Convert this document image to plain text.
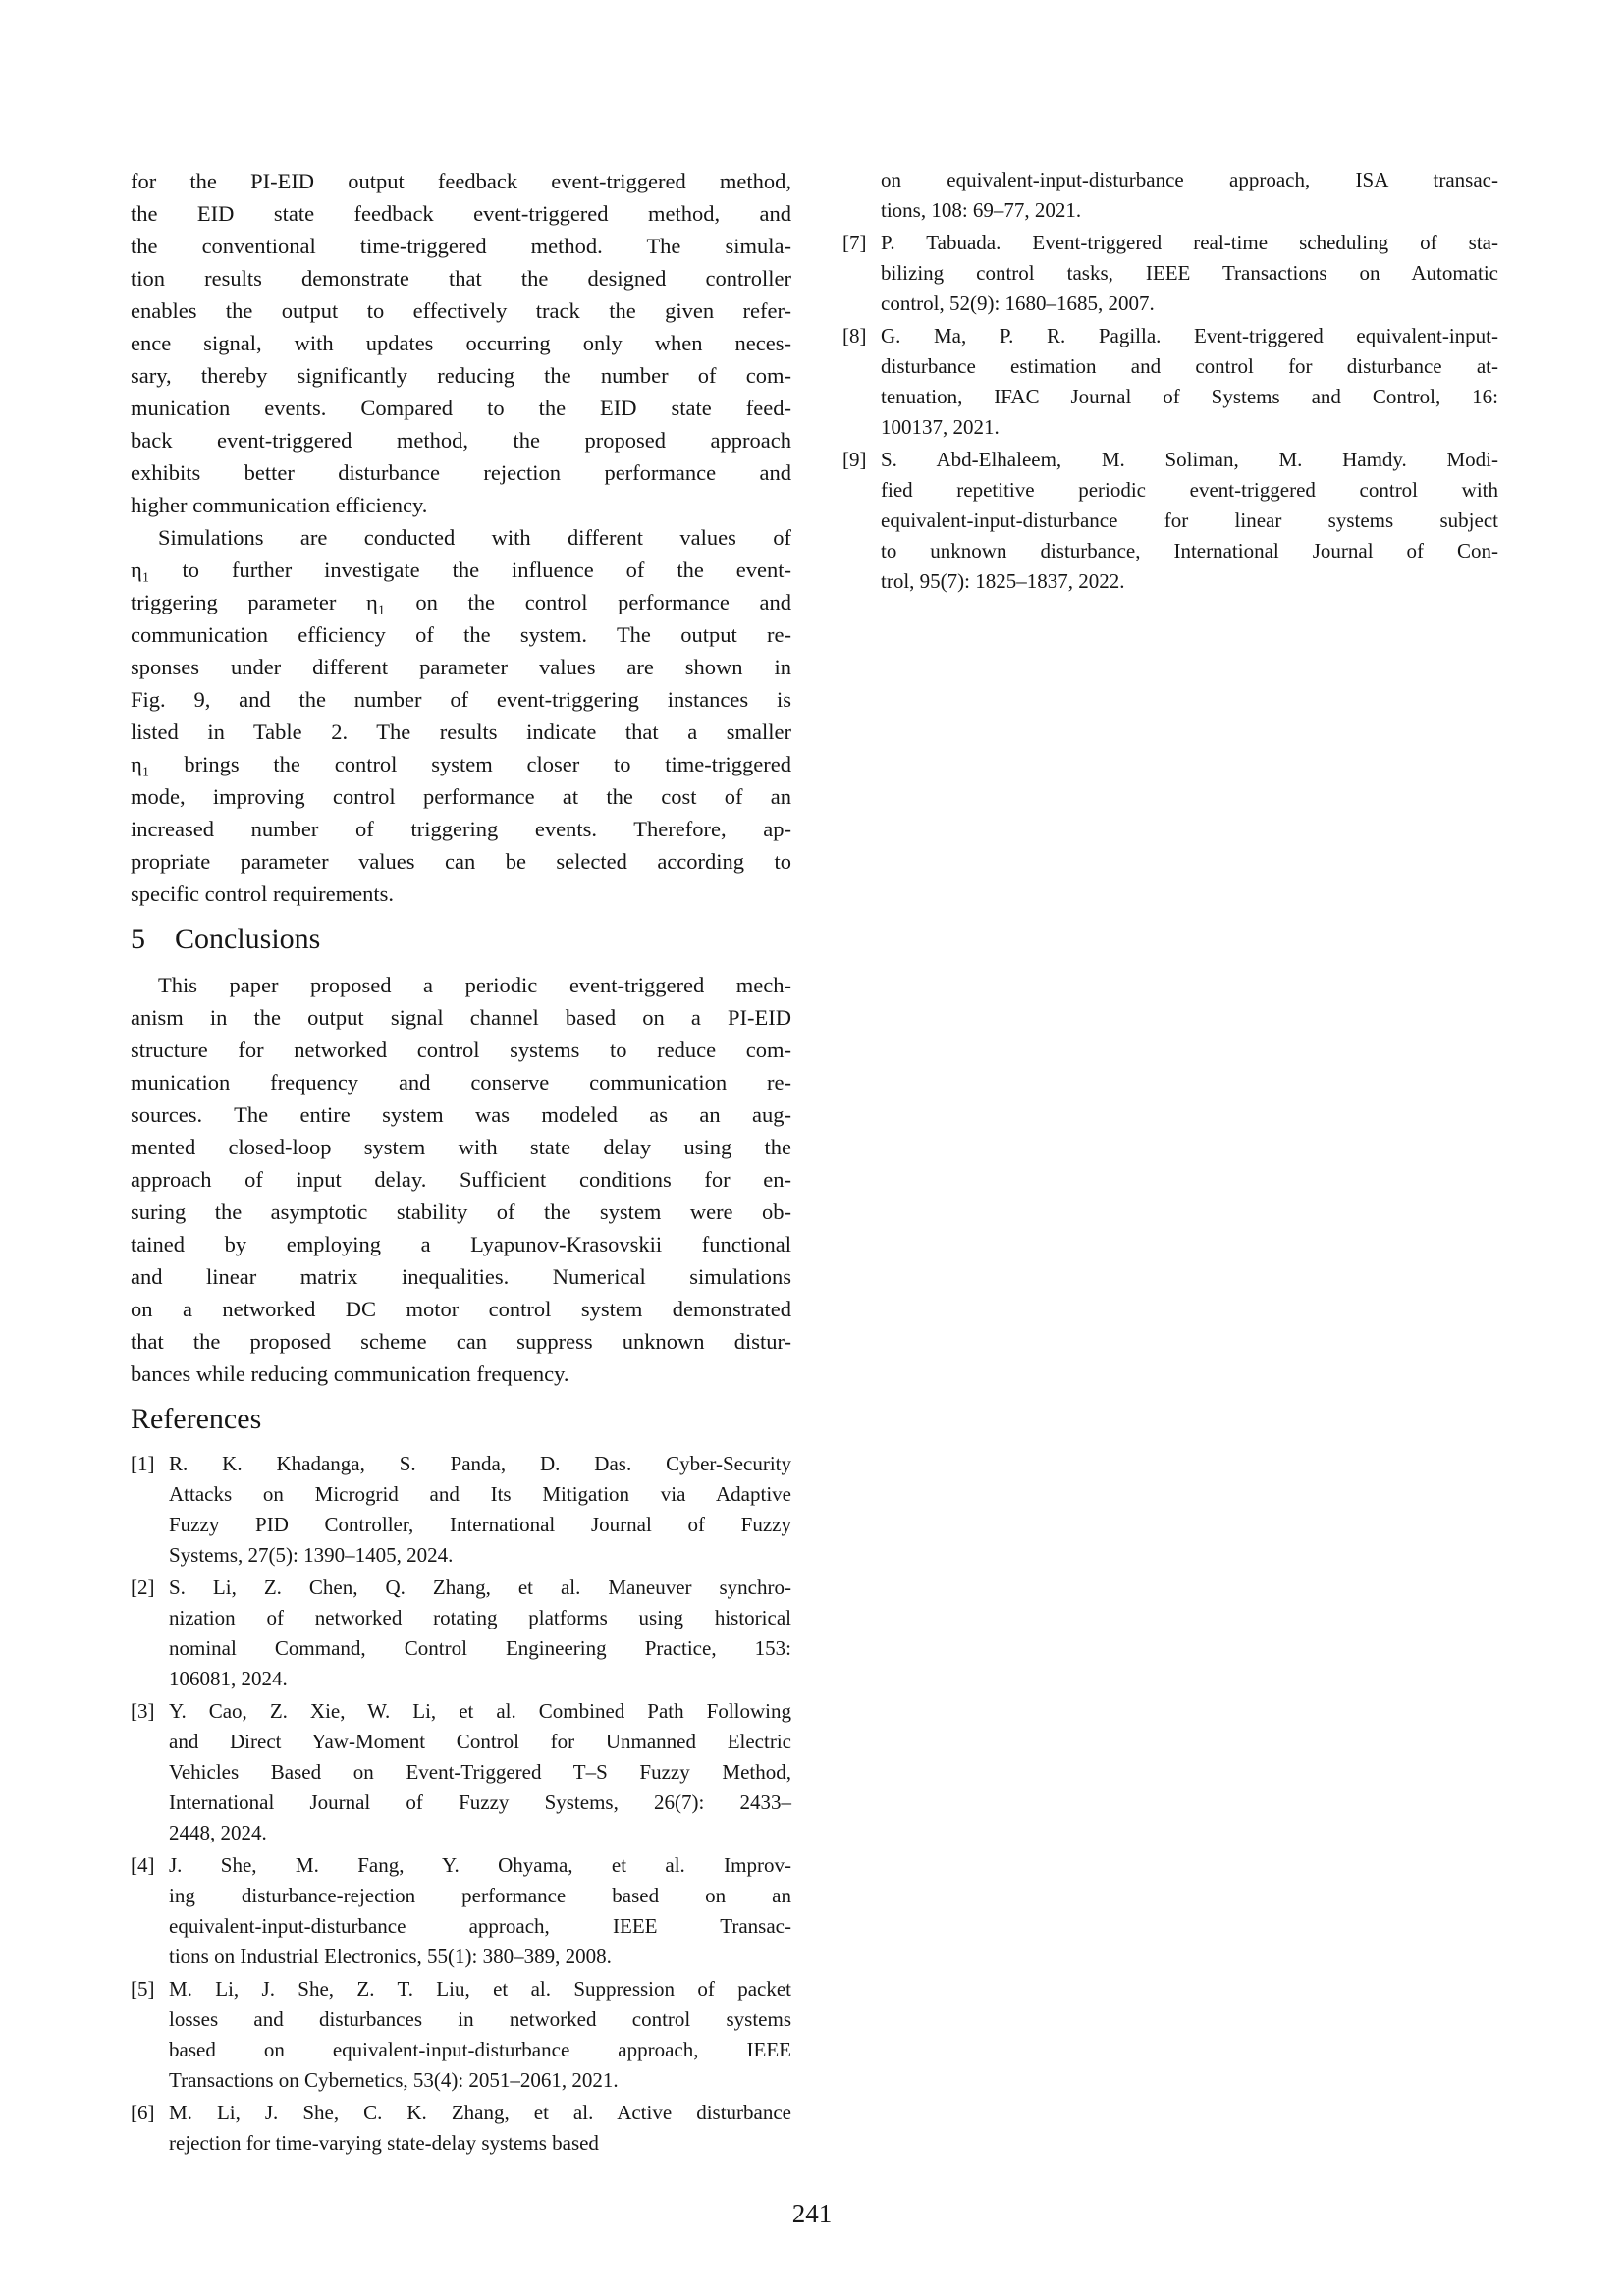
for the PI-EID output feedback event-triggered method,
the EID state feedback event-triggered method, and
the conventional time-triggered method. The simula-
tion results demonstrate that the designed controller
enables the output to effectively track the given refer-
ence signal, with updates occurring only when neces-
sary, thereby significantly reducing the number of com-
munication events. Compared to the EID state feed-
back event-triggered method, the proposed approach
exhibits better disturbance rejection performance and
higher communication efficiency.
Simulations are conducted with different values of
η₁ to further investigate the influence of the event-
triggering parameter η₁ on the control performance and
communication efficiency of the system. The output re-
sponses under different parameter values are shown in
Fig. 9, and the number of event-triggering instances is
listed in Table 2. The results indicate that a smaller
η₁ brings the control system closer to time-triggered
mode, improving control performance at the cost of an
increased number of triggering events. Therefore, ap-
propriate parameter values can be selected according to
specific control requirements.
5 Conclusions
This paper proposed a periodic event-triggered mech-
anism in the output signal channel based on a PI-EID
structure for networked control systems to reduce com-
munication frequency and conserve communication re-
sources. The entire system was modeled as an aug-
mented closed-loop system with state delay using the
approach of input delay. Sufficient conditions for en-
suring the asymptotic stability of the system were ob-
tained by employing a Lyapunov-Krasovskii functional
and linear matrix inequalities. Numerical simulations
on a networked DC motor control system demonstrated
that the proposed scheme can suppress unknown distur-
bances while reducing communication frequency.
References
[1] R. K. Khadanga, S. Panda, D. Das. Cyber-Security
Attacks on Microgrid and Its Mitigation via Adaptive
Fuzzy PID Controller, International Journal of Fuzzy
Systems, 27(5): 1390–1405, 2024.
[2] S. Li, Z. Chen, Q. Zhang, et al. Maneuver synchro-
nization of networked rotating platforms using historical
nominal Command, Control Engineering Practice, 153:
106081, 2024.
[3] Y. Cao, Z. Xie, W. Li, et al. Combined Path Following
and Direct Yaw-Moment Control for Unmanned Electric
Vehicles Based on Event-Triggered T–S Fuzzy Method,
International Journal of Fuzzy Systems, 26(7): 2433–
2448, 2024.
[4] J. She, M. Fang, Y. Ohyama, et al. Improv-
ing disturbance-rejection performance based on an
equivalent-input-disturbance approach, IEEE Transac-
tions on Industrial Electronics, 55(1): 380–389, 2008.
[5] M. Li, J. She, Z. T. Liu, et al. Suppression of packet
losses and disturbances in networked control systems
based on equivalent-input-disturbance approach, IEEE
Transactions on Cybernetics, 53(4): 2051–2061, 2021.
[6] M. Li, J. She, C. K. Zhang, et al. Active disturbance
rejection for time-varying state-delay systems based
on equivalent-input-disturbance approach, ISA transac-
tions, 108: 69–77, 2021.
[7] P. Tabuada. Event-triggered real-time scheduling of sta-
bilizing control tasks, IEEE Transactions on Automatic
control, 52(9): 1680–1685, 2007.
[8] G. Ma, P. R. Pagilla. Event-triggered equivalent-input-
disturbance estimation and control for disturbance at-
tenuation, IFAC Journal of Systems and Control, 16:
100137, 2021.
[9] S. Abd-Elhaleem, M. Soliman, M. Hamdy. Modi-
fied repetitive periodic event-triggered control with
equivalent-input-disturbance for linear systems subject
to unknown disturbance, International Journal of Con-
trol, 95(7): 1825–1837, 2022.
241
